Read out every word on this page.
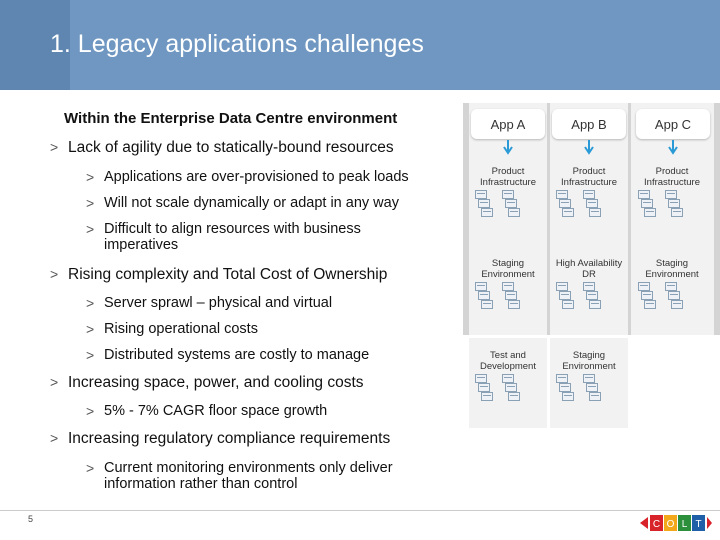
1. Legacy applications challenges
Within the Enterprise Data Centre environment
> Lack of agility due to statically-bound resources
> Applications are over-provisioned to peak loads
> Will not scale dynamically or adapt in any way
> Difficult to align resources with business imperatives
> Rising complexity and Total Cost of Ownership
> Server sprawl – physical and virtual
> Rising operational costs
> Distributed systems are costly to manage
> Increasing space, power, and cooling costs
> 5% - 7% CAGR floor space growth
> Increasing regulatory compliance requirements
> Current monitoring environments only deliver information rather than control
App A	App B	App C
Product Infrastructure
Product Infrastructure
Product Infrastructure
Staging Environment
High Availability DR
Staging Environment
Test and Development
Staging Environment
5	C O L T
